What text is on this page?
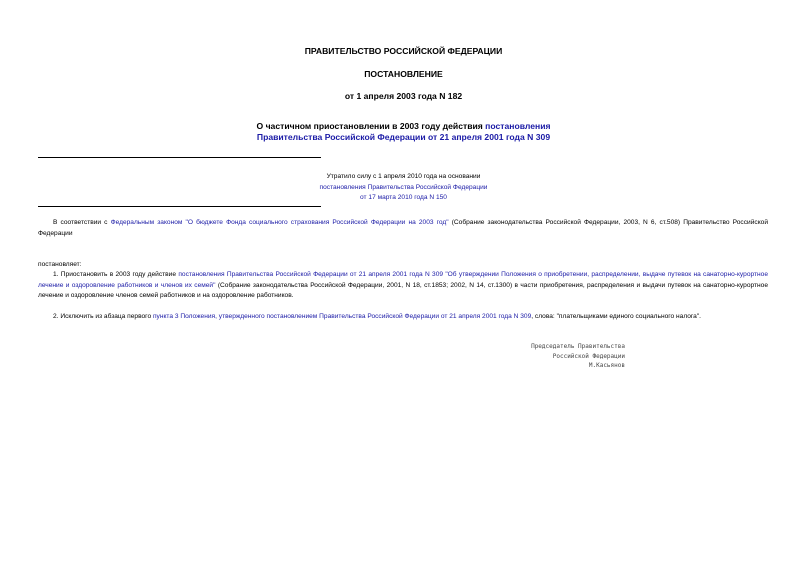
ПРАВИТЕЛЬСТВО РОССИЙСКОЙ ФЕДЕРАЦИИ
ПОСТАНОВЛЕНИЕ
от 1 апреля 2003 года N 182
О частичном приостановлении в 2003 году действия постановления
Правительства Российской Федерации от 21 апреля 2001 года N 309
Утратило силу с 1 апреля 2010 года на основании
постановления Правительства Российской Федерации
от 17 марта 2010 года N 150
В соответствии с Федеральным законом "О бюджете Фонда социального страхования Российской Федерации на 2003 год" (Собрание законодательства Российской Федерации, 2003, N 6, ст.508) Правительство Российской Федерации
постановляет:
1. Приостановить в 2003 году действие постановления Правительства Российской Федерации от 21 апреля 2001 года N 309 "Об утверждении Положения о приобретении, распределении, выдаче путевок на санаторно-курортное лечение и оздоровление работников и членов их семей" (Собрание законодательства Российской Федерации, 2001, N 18, ст.1853; 2002, N 14, ст.1300) в части приобретения, распределения и выдачи путевок на санаторно-курортное лечение и оздоровление членов семей работников и на оздоровление работников.
2. Исключить из абзаца первого пункта 3 Положения, утвержденного постановлением Правительства Российской Федерации от 21 апреля 2001 года N 309, слова: "плательщиками единого социального налога".
Председатель Правительства
Российской Федерации
М.Касьянов
